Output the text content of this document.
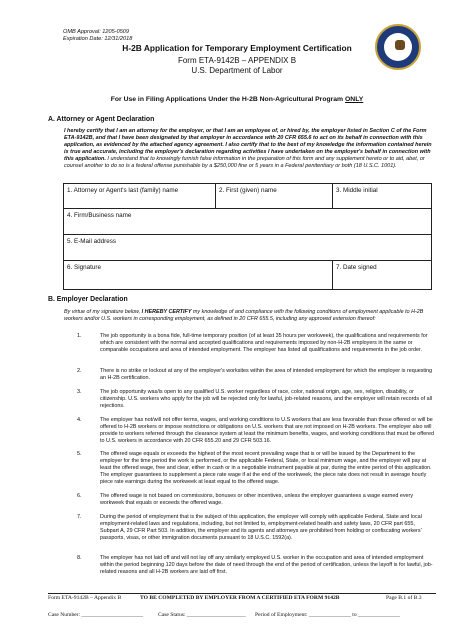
OMB Approval: 1205-0509
Expiration Date: 12/31/2018
H-2B Application for Temporary Employment Certification
Form ETA-9142B – APPENDIX B
U.S. Department of Labor
For Use in Filing Applications Under the H-2B Non-Agricultural Program ONLY
A. Attorney or Agent Declaration
I hereby certify that I am an attorney for the employer, or that I am an employee of, or hired by, the employer listed in Section C of the Form ETA-9142B, and that I have been designated by that employer in accordance with 20 CFR 655.6 to act on its behalf in connection with this application, as evidenced by the attached agency agreement. I also certify that to the best of my knowledge the information contained herein is true and accurate, including the employer's declaration regarding activities I have undertaken on the employer's behalf in connection with this application. I understand that to knowingly furnish false information in the preparation of this form and any supplement hereto or to aid, abet, or counsel another to do so is a federal offense punishable by a $250,000 fine or 5 years in a Federal penitentiary or both (18 U.S.C. 1001).
1. Attorney or Agent's last (family) name	2. First (given) name	3. Middle initial
4. Firm/Business name		
5. E-Mail address		
6. Signature		7. Date signed
B. Employer Declaration
By virtue of my signature below, I HEREBY CERTIFY my knowledge of and compliance with the following conditions of employment applicable to H-2B workers and/or U.S. workers in corresponding employment, as defined in 20 CFR 655.5, including any approved extension thereof:
1.	The job opportunity is a bona fide, full-time temporary position (of at least 35 hours per workweek), the qualifications and requirements for which are consistent with the normal and accepted qualifications and requirements imposed by non-H-2B employers in the same or comparable occupations and area of intended employment. The employer has listed all qualifications and requirements in the job order.
2.	There is no strike or lockout at any of the employer's worksites within the area of intended employment for which the employer is requesting an H-2B certification.
3.	The job opportunity was/is open to any qualified U.S. worker regardless of race, color, national origin, age, sex, religion, disability, or citizenship. U.S. workers who apply for the job will be rejected only for lawful, job-related reasons, and the employer will retain records of all rejections.
4.	The employer has not/will not offer terms, wages, and working conditions to U.S workers that are less favorable than those offered or will be offered to H-2B workers or impose restrictions or obligations on U.S. workers that are not imposed on H-2B workers. The employer also will provide to workers referred through the clearance system at least the minimum benefits, wages, and working conditions that must be offered to U.S. workers in accordance with 20 CFR 655.20 and 29 CFR 503.16.
5.	The offered wage equals or exceeds the highest of the most recent prevailing wage that is or will be issued by the Department to the employer for the time period the work is performed, or the applicable Federal, State, or local minimum wage, and the employer will pay at least the offered wage, free and clear, either in cash or in a negotiable instrument payable at par, during the entire period of this application. The employer guarantees to supplement a piece rate wage if at the end of the workweek, the piece rate does not result in average hourly piece rate earnings during the workweek at least equal to the offered wage.
6.	The offered wage is not based on commissions, bonuses or other incentives, unless the employer guarantees a wage earned every workweek that equals or exceeds the offered wage.
7.	During the period of employment that is the subject of this application, the employer will comply with applicable Federal, State and local employment-related laws and regulations, including, but not limited to, employment-related health and safety laws, 20 CFR part 655, Subpart A, 29 CFR Part 503. In addition, the employer and its agents and attorneys are prohibited from holding or confiscating workers' passports, visas, or other immigration documents pursuant to 18 U.S.C. 1592(a).
8.	The employer has not laid off and will not lay off any similarly employed U.S. worker in the occupation and area of intended employment within the period beginning 120 days before the date of need through the end of the period of certification, unless the layoff is for lawful, job-related reasons and all H-2B workers are laid off first.
Form ETA-9142B – Appendix B	TO BE COMPLETED BY EMPLOYER FROM A CERTIFIED ETA FORM 9142B	Page B.1 of B.3
Case Number: ______________________	Case Status: _____________________ Period of Employment: _______________ to _______________
